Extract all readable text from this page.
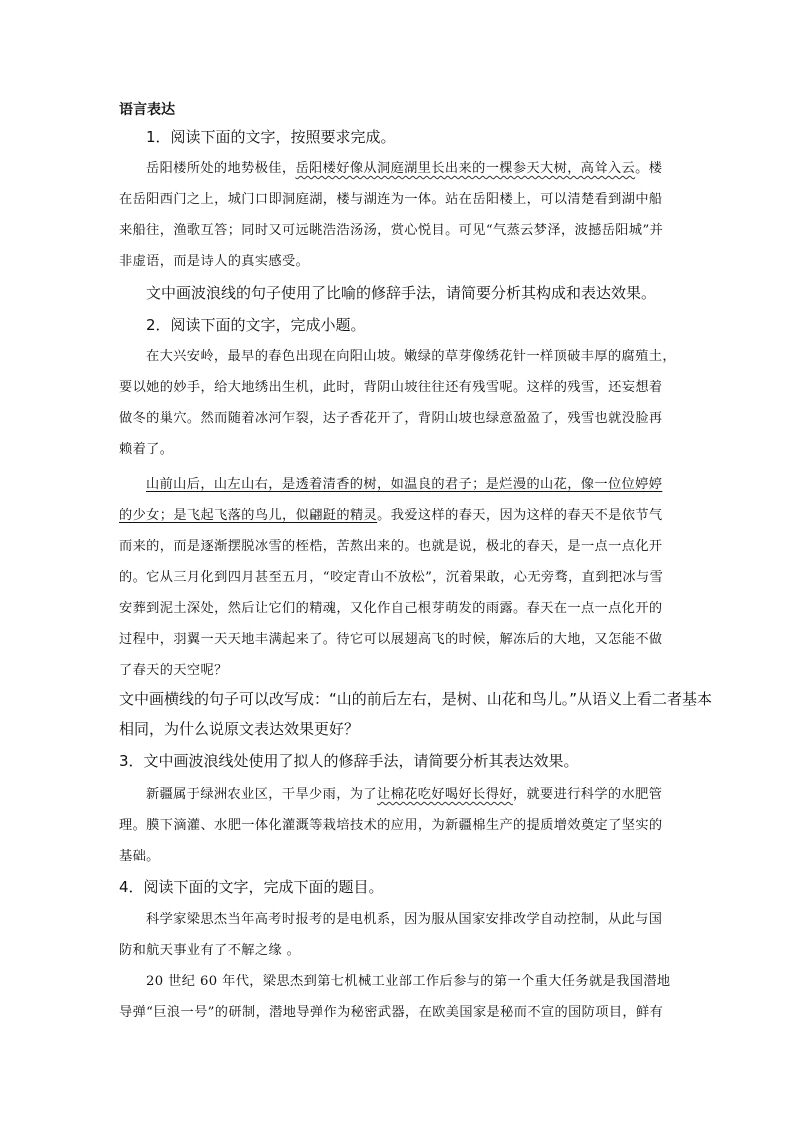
语言表达
1．阅读下面的文字，按照要求完成。
岳阳楼所处的地势极佳，岳阳楼好像从洞庭湖里长出来的一棵参天大树，高耸入云。楼
在岳阳西门之上，城门口即洞庭湖，楼与湖连为一体。站在岳阳楼上，可以清楚看到湖中船
来船往，渔歌互答；同时又可远眺浩浩汤汤，赏心悦目。可见“气蒸云梦泽，波撼岳阳城”并
非虚语，而是诗人的真实感受。
文中画波浪线的句子使用了比喻的修辞手法，请简要分析其构成和表达效果。
2．阅读下面的文字，完成小题。
在大兴安岭，最早的春色出现在向阳山坡。嫩绿的草芽像绣花针一样顶破丰厚的腐殖土，
要以她的妙手，给大地绣出生机，此时，背阴山坡往往还有残雪呢。这样的残雪，还妄想着
做冬的巢穴。然而随着冰河乍裂，达子香花开了，背阴山坡也绿意盈盈了，残雪也就没脸再
赖着了。
山前山后，山左山右，是透着清香的树，如温良的君子；是烂漫的山花，像一位位婷婷
的少女；是飞起飞落的鸟儿，似翩跹的精灵。我爱这样的春天，因为这样的春天不是依节气
而来的，而是逐渐摆脱冰雪的桎梏，苦熬出来的。也就是说，极北的春天，是一点一点化开
的。它从三月化到四月甚至五月，“咬定青山不放松”，沉着果敢，心无旁骛，直到把冰与雪
安葬到泥土深处，然后让它们的精魂，又化作自己根芽萌发的雨露。春天在一点一点化开的
过程中，羽翼一天天地丰满起来了。待它可以展翅高飞的时候，解冻后的大地，又怎能不做
了春天的天空呢？
文中画横线的句子可以改写成：“山的前后左右，是树、山花和鸟儿。”从语义上看二者基本
相同，为什么说原文表达效果更好？
3．文中画波浪线处使用了拟人的修辞手法，请简要分析其表达效果。
新疆属于绿洲农业区，干旱少雨，为了让棉花吃好喝好长得好，就要进行科学的水肥管
理。膜下滴灌、水肥一体化灌溉等栽培技术的应用，为新疆棉生产的提质增效奠定了坚实的
基础。
4．阅读下面的文字，完成下面的题目。
科学家梁思杰当年高考时报考的是电机系，因为服从国家安排改学自动控制，从此与国
防和航天事业有了不解之缘 。
20 世纪 60 年代，梁思杰到第七机械工业部工作后参与的第一个重大任务就是我国潜地
导弹“巨浪一号”的研制，潜地导弹作为秘密武器，在欧美国家是秘而不宣的国防项目，鲜有
